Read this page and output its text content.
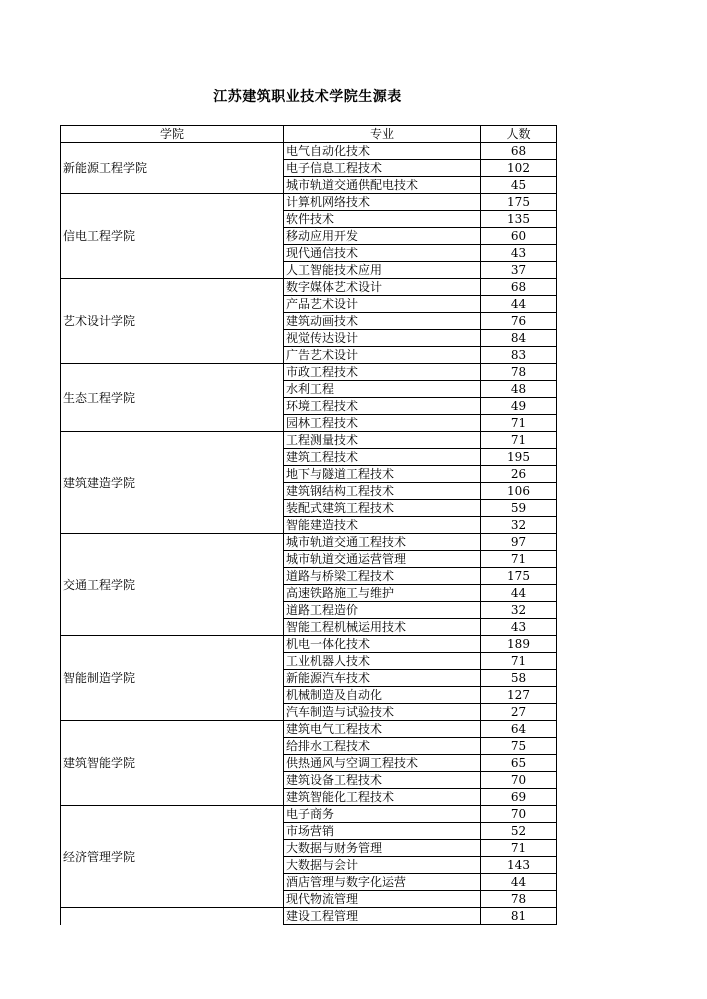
江苏建筑职业技术学院生源表
学院	专业	人数
新能源工程学院	电气自动化技术	68
	电子信息工程技术	102
	城市轨道交通供配电技术	45
信电工程学院	计算机网络技术	175
	软件技术	135
	移动应用开发	60
	现代通信技术	43
	人工智能技术应用	37
艺术设计学院	数字媒体艺术设计	68
	产品艺术设计	44
	建筑动画技术	76
	视觉传达设计	84
	广告艺术设计	83
生态工程学院	市政工程技术	78
	水利工程	48
	环境工程技术	49
	园林工程技术	71
建筑建造学院	工程测量技术	71
	建筑工程技术	195
	地下与隧道工程技术	26
	建筑钢结构工程技术	106
	装配式建筑工程技术	59
	智能建造技术	32
交通工程学院	城市轨道交通工程技术	97
	城市轨道交通运营管理	71
	道路与桥梁工程技术	175
	高速铁路施工与维护	44
	道路工程造价	32
	智能工程机械运用技术	43
智能制造学院	机电一体化技术	189
	工业机器人技术	71
	新能源汽车技术	58
	机械制造及自动化	127
	汽车制造与试验技术	27
建筑智能学院	建筑电气工程技术	64
	给排水工程技术	75
	供热通风与空调工程技术	65
	建筑设备工程技术	70
	建筑智能化工程技术	69
经济管理学院	电子商务	70
	市场营销	52
	大数据与财务管理	71
	大数据与会计	143
	酒店管理与数字化运营	44
	现代物流管理	78
	建设工程管理	81
